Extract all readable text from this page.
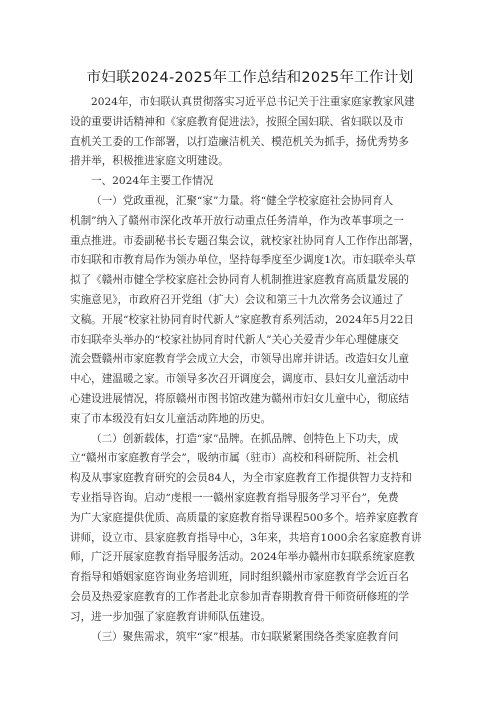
市妇联2024-2025年工作总结和2025年工作计划
2024年，市妇联认真贯彻落实习近平总书记关于注重家庭家教家风建
设的重要讲话精神和《家庭教育促进法》，按照全国妇联、省妇联以及市
直机关工委的工作部署，以打造廉洁机关、模范机关为抓手，扬优秀势多
措并举，积极推进家庭文明建设。
一、2024年主要工作情况
（一）党政重视，汇聚“家”力量。将“健全学校家庭社会协同育人
机制”纳入了赣州市深化改革开放行动重点任务清单，作为改革事项之一
重点推进。市委副秘书长专题召集会议，就校家社协同育人工作作出部署，
市妇联和市教育局作为领办单位，坚持每季度至少调度1次。市妇联牵头草
拟了《赣州市健全学校家庭社会协同育人机制推进家庭教育高质量发展的
实施意见》，市政府召开党组（扩大）会议和第三十九次常务会议通过了
文稿。开展“校家社协同育时代新人”家庭教育系列活动，2024年5月22日
市妇联牵头举办的“校家社协同育时代新人”关心关爱青少年心理健康交
流会暨赣州市家庭教育学会成立大会，市领导出席并讲话。改造妇女儿童
中心，建温暖之家。市领导多次召开调度会，调度市、县妇女儿童活动中
心建设进展情况，将原赣州市图书馆改建为赣州市妇女儿童中心，彻底结
束了市本级没有妇女儿童活动阵地的历史。
（二）创新载体，打造“家”品牌。在抓品牌、创特色上下功夫，成
立“赣州市家庭教育学会”，吸纳市属（驻市）高校和科研院所、社会机
构及从事家庭教育研究的会员84人，为全市家庭教育工作提供智力支持和
专业指导咨询。启动“虔根一一赣州家庭教育指导服务学习平台”，免费
为广大家庭提供优质、高质量的家庭教育指导课程500多个。培养家庭教育
讲师，设立市、县家庭教育指导中心，3年来，共培育1000余名家庭教育讲
师，广泛开展家庭教育指导服务活动。2024年举办赣州市妇联系统家庭教
育指导和婚姻家庭咨询业务培训班，同时组织赣州市家庭教育学会近百名
会员及热爱家庭教育的工作者赴北京参加青春期教育骨干师资研修班的学
习，进一步加强了家庭教育讲师队伍建设。
（三）聚焦需求，筑牢“家”根基。市妇联紧紧围绕各类家庭教育问
